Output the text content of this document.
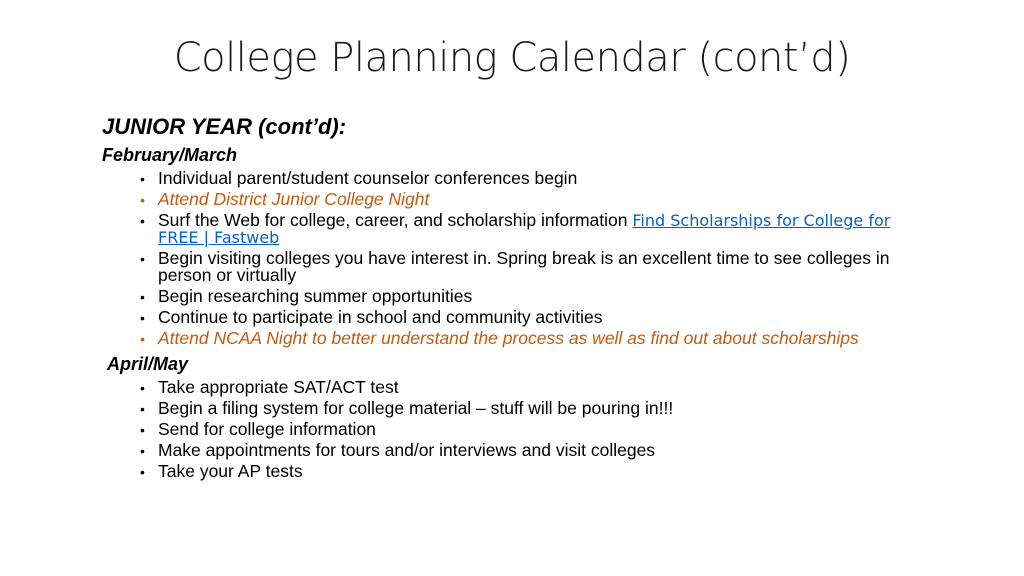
College Planning Calendar (cont’d)
JUNIOR YEAR (cont’d):
February/March
• Individual parent/student counselor conferences begin
• Attend District Junior College Night
• Surf the Web for college, career, and scholarship information Find Scholarships for College for FREE | Fastweb
• Begin visiting colleges you have interest in. Spring break is an excellent time to see colleges in person or virtually
• Begin researching summer opportunities
• Continue to participate in school and community activities
• Attend NCAA Night to better understand the process as well as find out about scholarships
April/May
• Take appropriate SAT/ACT test
• Begin a filing system for college material – stuff will be pouring in!!!
• Send for college information
• Make appointments for tours and/or interviews and visit colleges
• Take your AP tests
